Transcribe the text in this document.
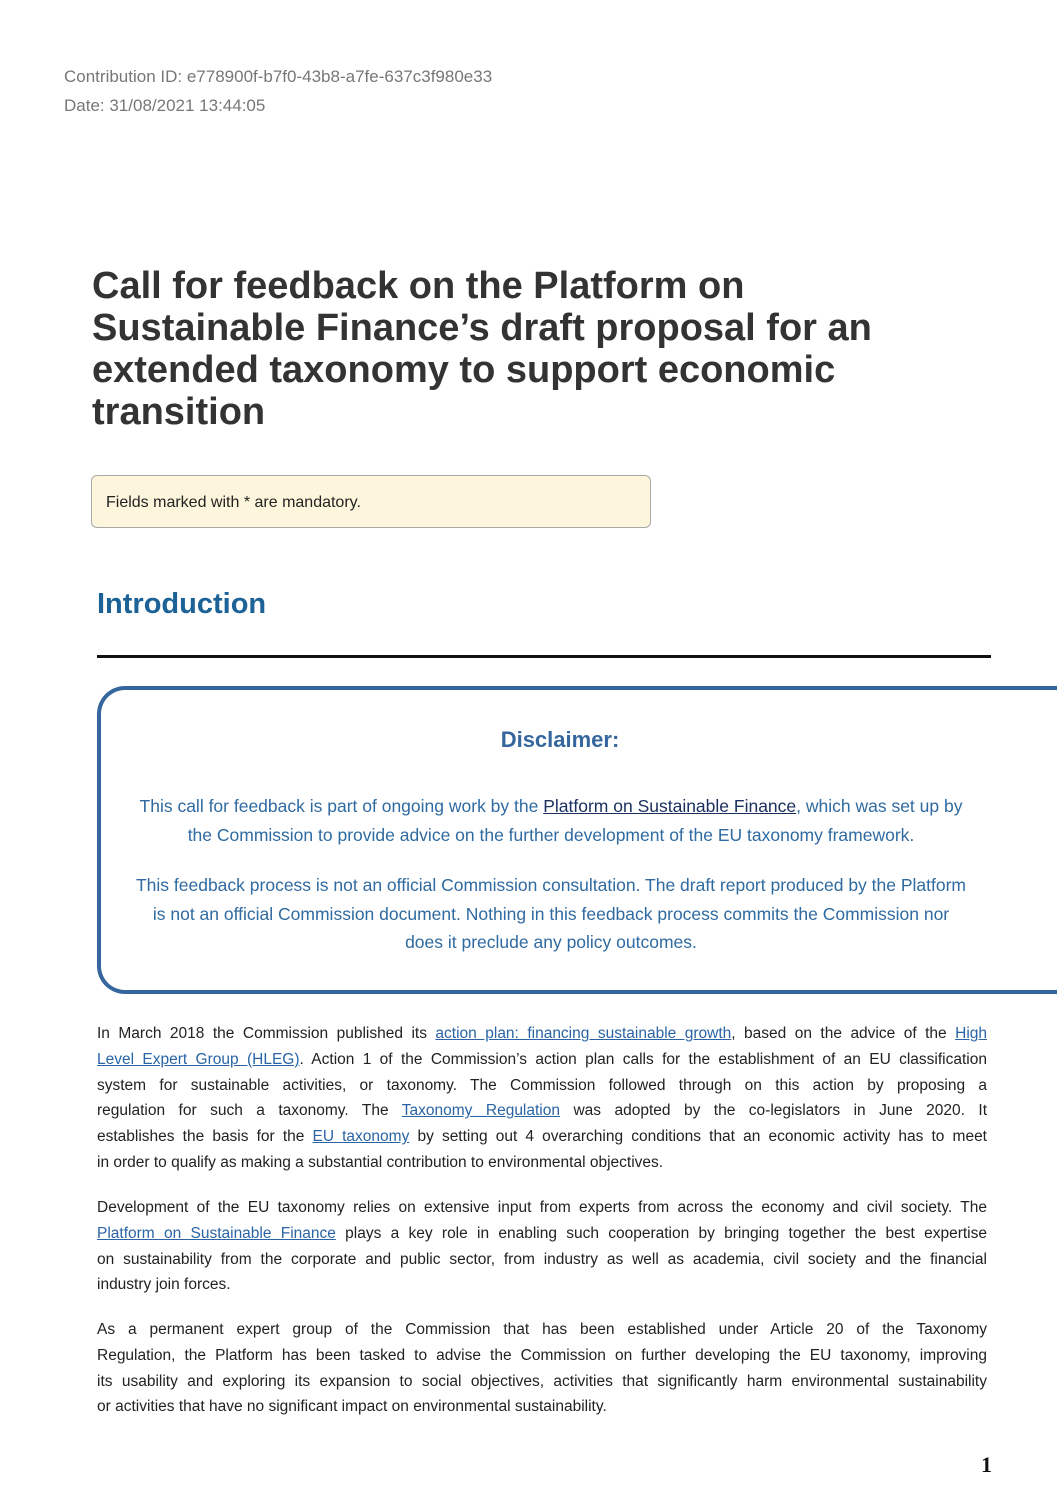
Contribution ID: e778900f-b7f0-43b8-a7fe-637c3f980e33
Date: 31/08/2021 13:44:05
Call for feedback on the Platform on
Sustainable Finance’s draft proposal for an
extended taxonomy to support economic
transition
Fields marked with * are mandatory.
Introduction
Disclaimer:

This call for feedback is part of ongoing work by the Platform on Sustainable Finance, which was set up by
the Commission to provide advice on the further development of the EU taxonomy framework.

This feedback process is not an official Commission consultation. The draft report produced by the Platform
is not an official Commission document. Nothing in this feedback process commits the Commission nor
does it preclude any policy outcomes.

In March 2018 the Commission published its action plan: financing sustainable growth, based on the advice of the High
Level Expert Group (HLEG). Action 1 of the Commission’s action plan calls for the establishment of an EU classification
system for sustainable activities, or taxonomy. The Commission followed through on this action by proposing a
regulation for such a taxonomy. The Taxonomy Regulation was adopted by the co-legislators in June 2020. It
establishes the basis for the EU taxonomy by setting out 4 overarching conditions that an economic activity has to meet
in order to qualify as making a substantial contribution to environmental objectives.

Development of the EU taxonomy relies on extensive input from experts from across the economy and civil society. The
Platform on Sustainable Finance plays a key role in enabling such cooperation by bringing together the best expertise
on sustainability from the corporate and public sector, from industry as well as academia, civil society and the financial
industry join forces.

As a permanent expert group of the Commission that has been established under Article 20 of the Taxonomy
Regulation, the Platform has been tasked to advise the Commission on further developing the EU taxonomy, improving
its usability and exploring its expansion to social objectives, activities that significantly harm environmental sustainability
or activities that have no significant impact on environmental sustainability.

1
